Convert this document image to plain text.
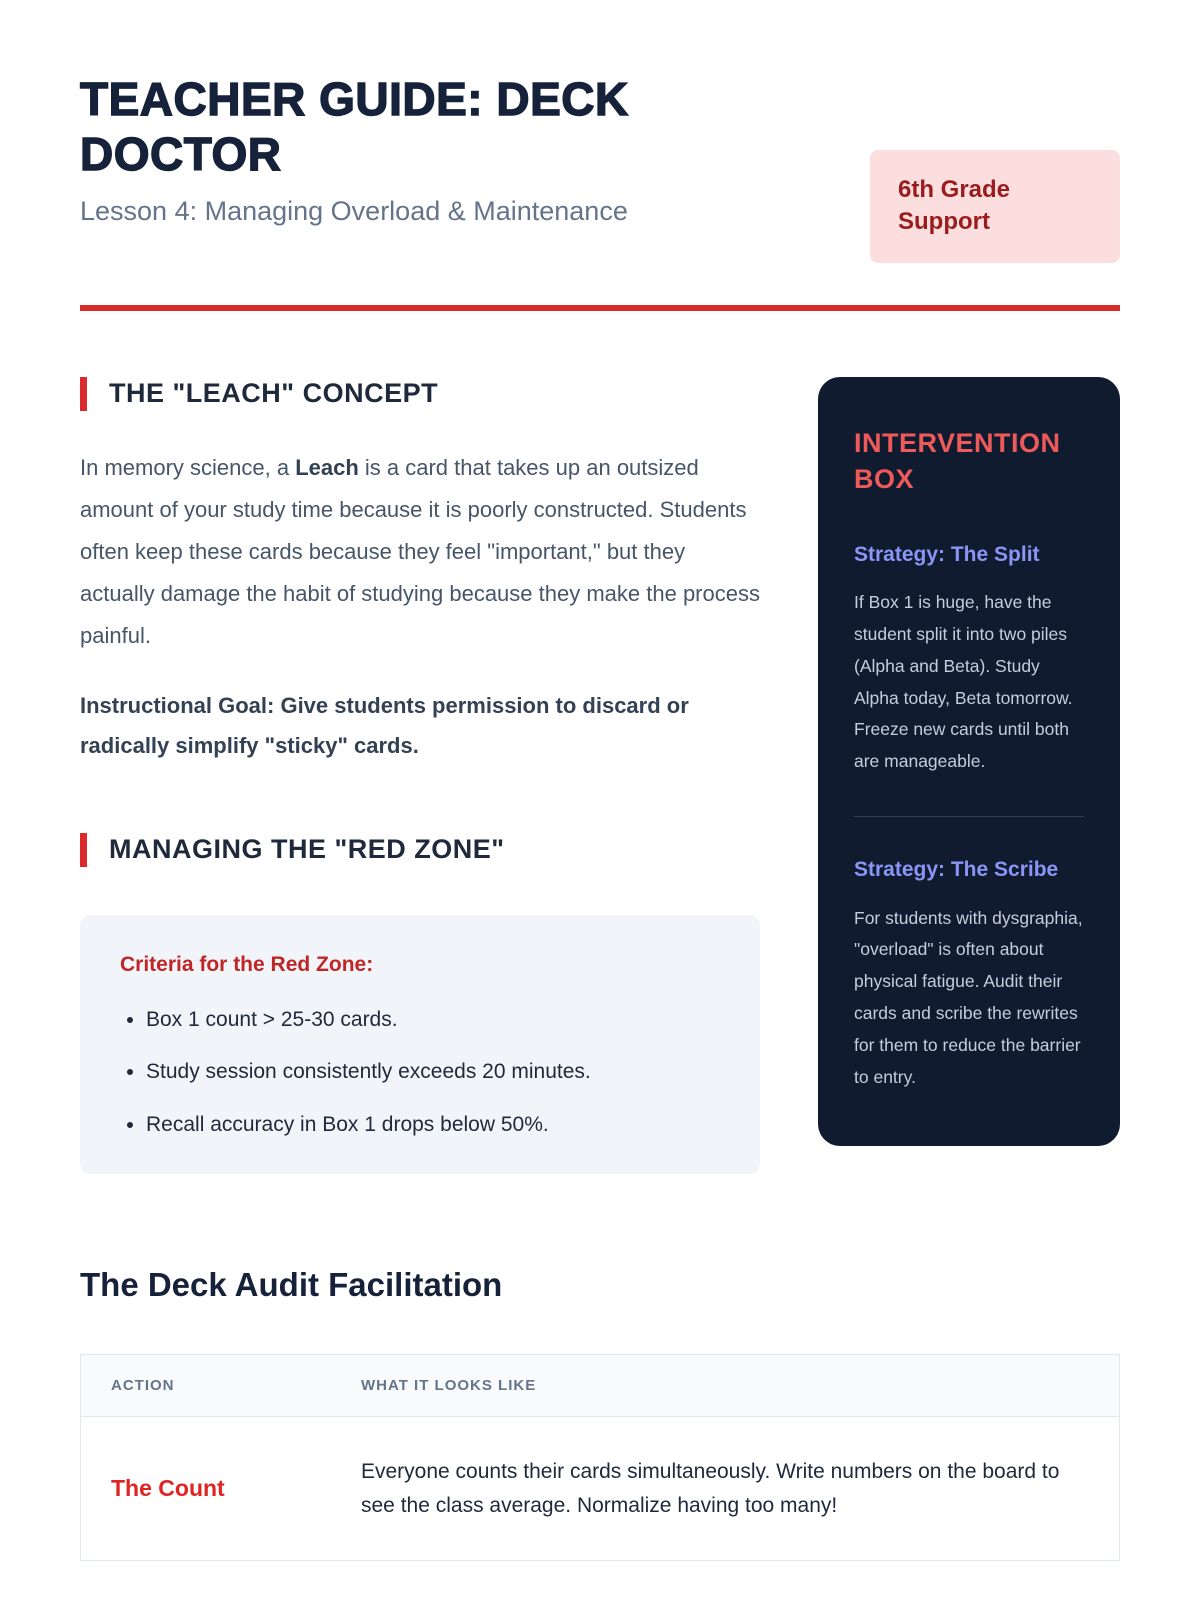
TEACHER GUIDE: DECK DOCTOR
Lesson 4: Managing Overload & Maintenance
6th Grade Support
THE "LEACH" CONCEPT

In memory science, a Leach is a card that takes up an outsized amount of your study time because it is poorly constructed. Students often keep these cards because they feel "important," but they actually damage the habit of studying because they make the process painful.

Instructional Goal: Give students permission to discard or radically simplify "sticky" cards.

MANAGING THE "RED ZONE"
Criteria for the Red Zone:
• Box 1 count > 25-30 cards.
• Study session consistently exceeds 20 minutes.
• Recall accuracy in Box 1 drops below 50%.
INTERVENTION BOX
Strategy: The Split

If Box 1 is huge, have the student split it into two piles (Alpha and Beta). Study Alpha today, Beta tomorrow. Freeze new cards until both are manageable.

Strategy: The Scribe

For students with dysgraphia, "overload" is often about physical fatigue. Audit their cards and scribe the rewrites for them to reduce the barrier to entry.

The Deck Audit Facilitation
ACTION	WHAT IT LOOKS LIKE
The Count
Everyone counts their cards simultaneously. Write numbers on the board to see the class average. Normalize having too many!
